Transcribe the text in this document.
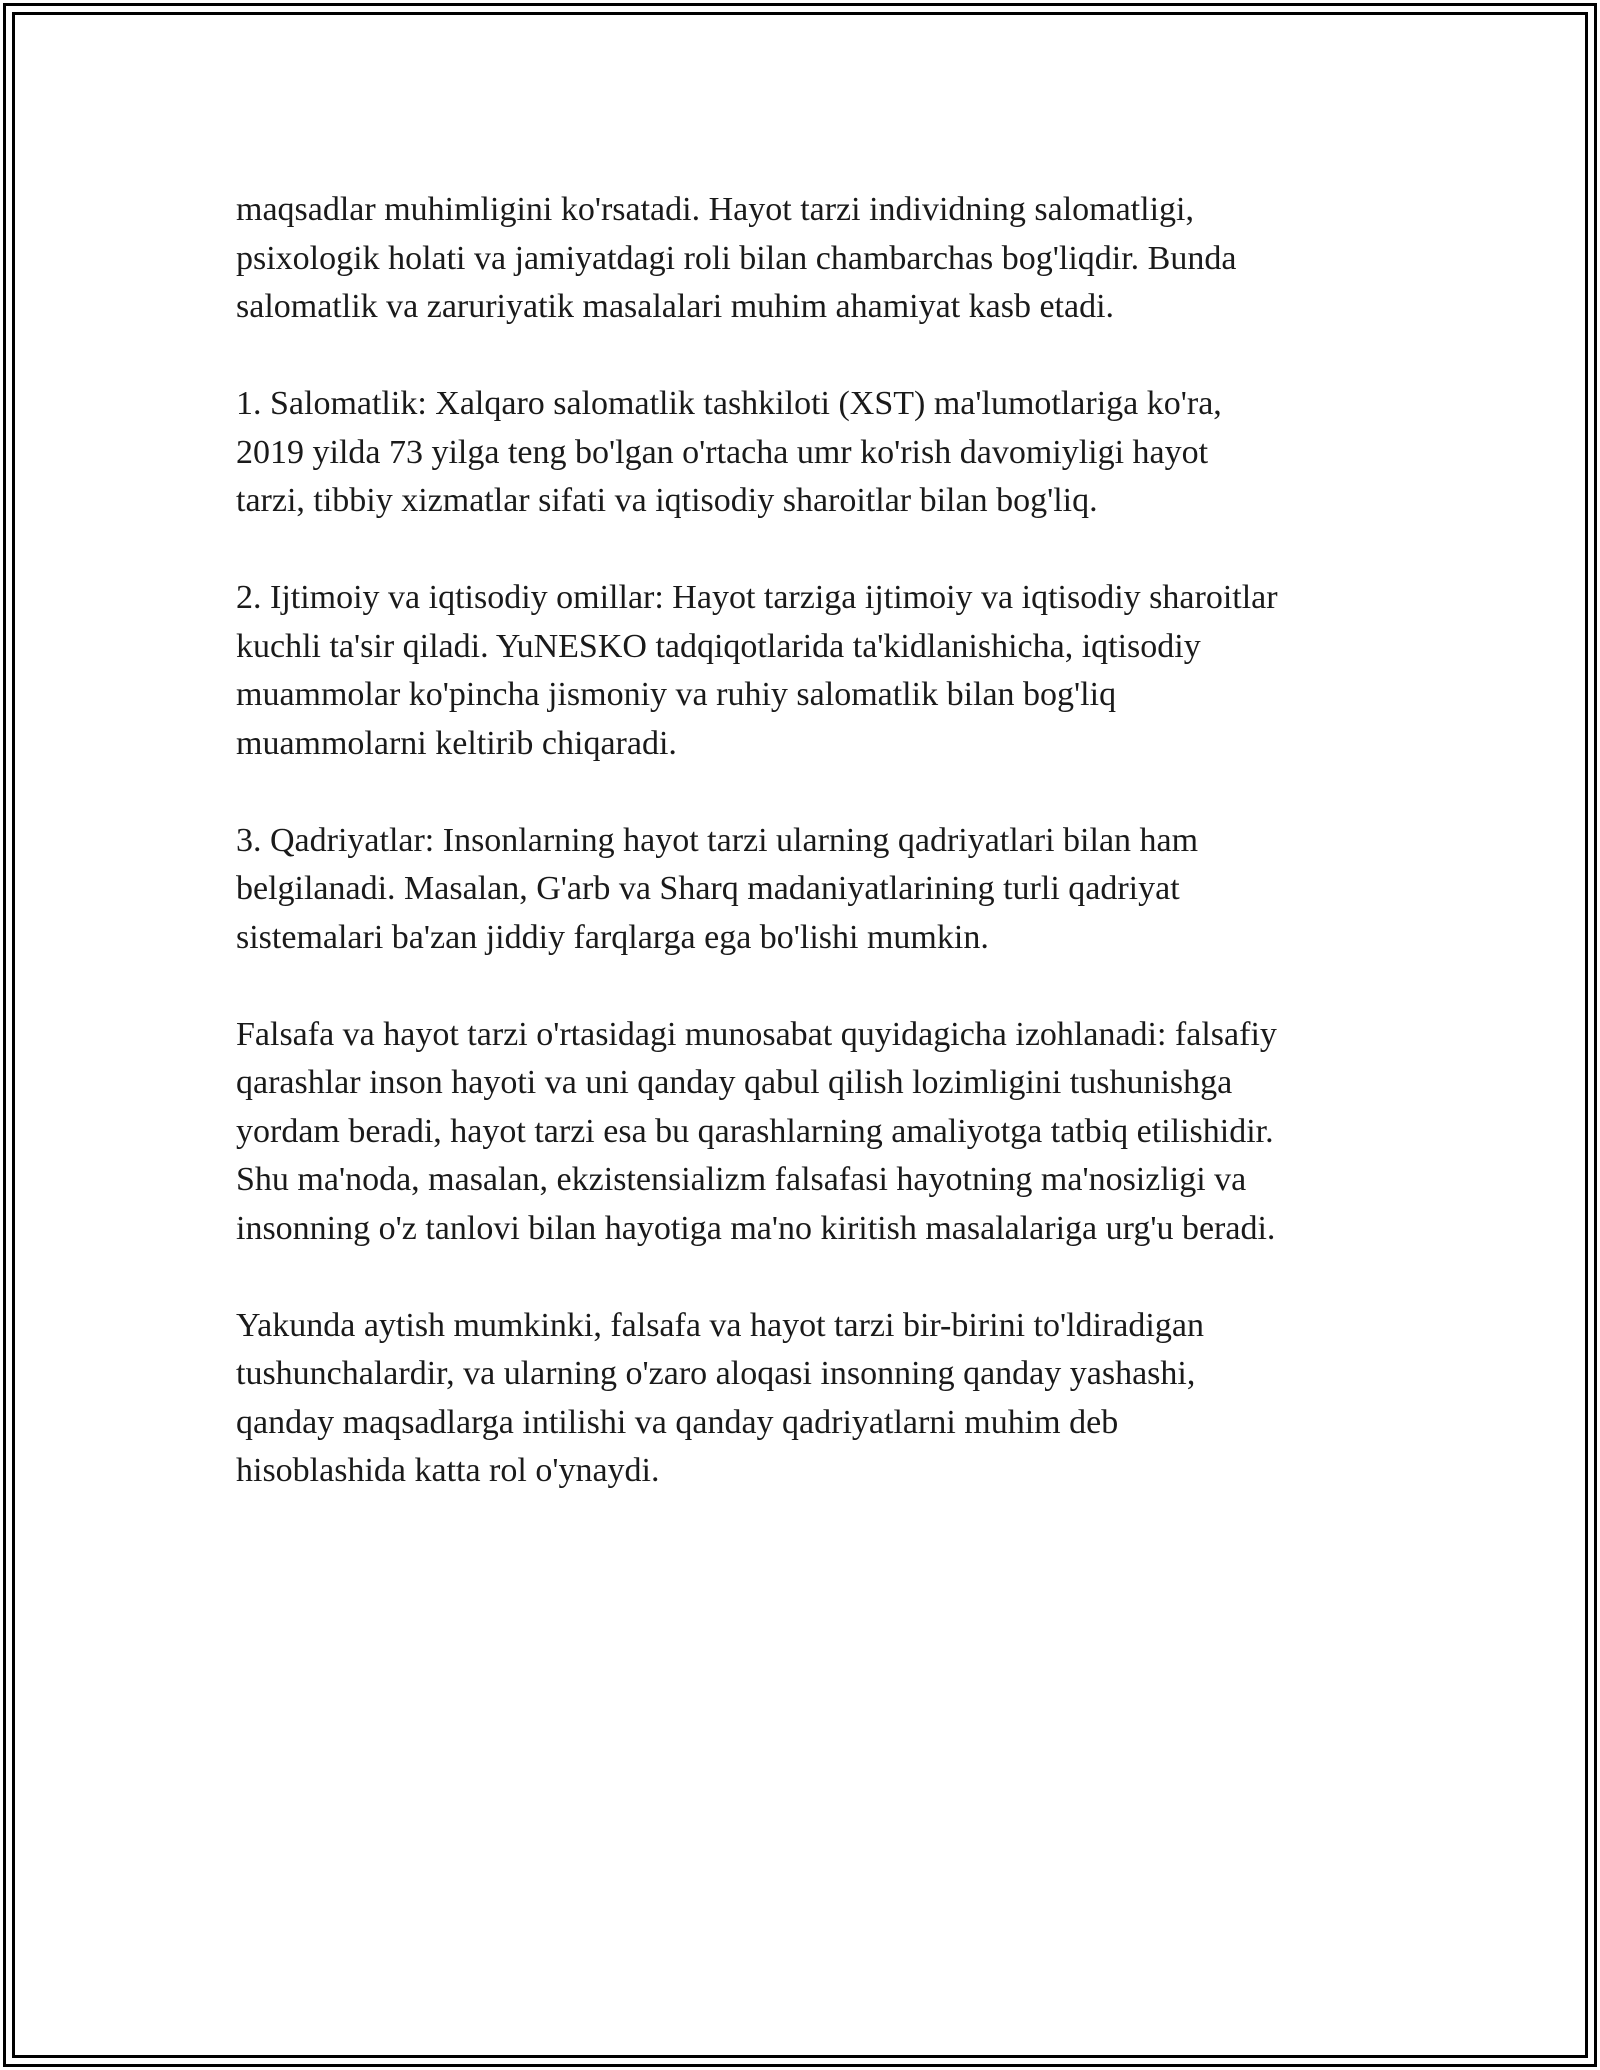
maqsadlar muhimligini ko'rsatadi. Hayot tarzi individning salomatligi,
psixologik holati va jamiyatdagi roli bilan chambarchas bog'liqdir. Bunda
salomatlik va zaruriyatik masalalari muhim ahamiyat kasb etadi.

1. Salomatlik: Xalqaro salomatlik tashkiloti (XST) ma'lumotlariga ko'ra,
2019 yilda 73 yilga teng bo'lgan o'rtacha umr ko'rish davomiyligi hayot
tarzi, tibbiy xizmatlar sifati va iqtisodiy sharoitlar bilan bog'liq.

2. Ijtimoiy va iqtisodiy omillar: Hayot tarziga ijtimoiy va iqtisodiy sharoitlar
kuchli ta'sir qiladi. YuNESKO tadqiqotlarida ta'kidlanishicha, iqtisodiy
muammolar ko'pincha jismoniy va ruhiy salomatlik bilan bog'liq
muammolarni keltirib chiqaradi.

3. Qadriyatlar: Insonlarning hayot tarzi ularning qadriyatlari bilan ham
belgilanadi. Masalan, G'arb va Sharq madaniyatlarining turli qadriyat
sistemalari ba'zan jiddiy farqlarga ega bo'lishi mumkin.

Falsafa va hayot tarzi o'rtasidagi munosabat quyidagicha izohlanadi: falsafiy
qarashlar inson hayoti va uni qanday qabul qilish lozimligini tushunishga
yordam beradi, hayot tarzi esa bu qarashlarning amaliyotga tatbiq etilishidir.
Shu ma'noda, masalan, ekzistensializm falsafasi hayotning ma'nosizligi va
insonning o'z tanlovi bilan hayotiga ma'no kiritish masalalariga urg'u beradi.

Yakunda aytish mumkinki, falsafa va hayot tarzi bir-birini to'ldiradigan
tushunchalardir, va ularning o'zaro aloqasi insonning qanday yashashi,
qanday maqsadlarga intilishi va qanday qadriyatlarni muhim deb
hisoblashida katta rol o'ynaydi.
